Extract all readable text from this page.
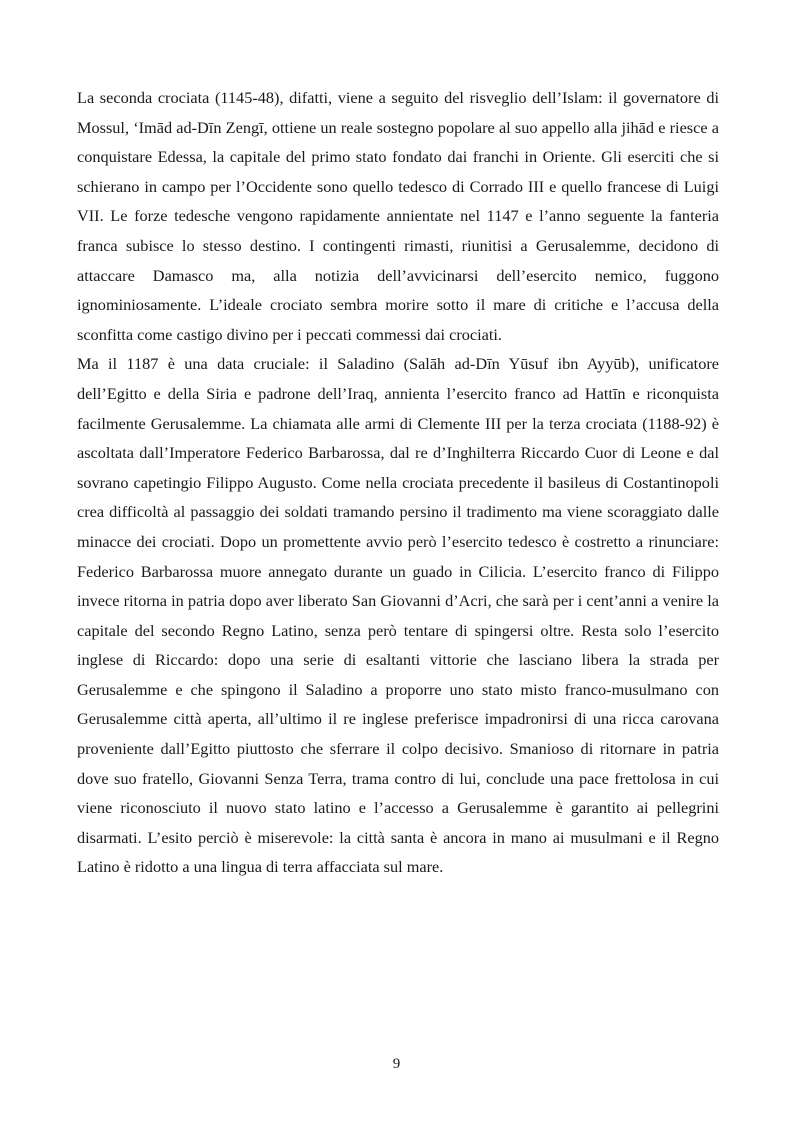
La seconda crociata (1145-48), difatti, viene a seguito del risveglio dell’Islam: il governatore di Mossul, ‘Imād ad-Dīn Zengī, ottiene un reale sostegno popolare al suo appello alla jihād e riesce a conquistare Edessa, la capitale del primo stato fondato dai franchi in Oriente. Gli eserciti che si schierano in campo per l’Occidente sono quello tedesco di Corrado III e quello francese di Luigi VII. Le forze tedesche vengono rapidamente annientate nel 1147 e l’anno seguente la fanteria franca subisce lo stesso destino. I contingenti rimasti, riunitisi a Gerusalemme, decidono di attaccare Damasco ma, alla notizia dell’avvicinarsi dell’esercito nemico, fuggono ignominiosamente. L’ideale crociato sembra morire sotto il mare di critiche e l’accusa della sconfitta come castigo divino per i peccati commessi dai crociati.

Ma il 1187 è una data cruciale: il Saladino (Salāh ad-Dīn Yūsuf ibn Ayyūb), unificatore dell’Egitto e della Siria e padrone dell’Iraq, annienta l’esercito franco ad Hattīn e riconquista facilmente Gerusalemme. La chiamata alle armi di Clemente III per la terza crociata (1188-92) è ascoltata dall’Imperatore Federico Barbarossa, dal re d’Inghilterra Riccardo Cuor di Leone e dal sovrano capetingio Filippo Augusto. Come nella crociata precedente il basileus di Costantinopoli crea difficoltà al passaggio dei soldati tramando persino il tradimento ma viene scoraggiato dalle minacce dei crociati. Dopo un promettente avvio però l’esercito tedesco è costretto a rinunciare: Federico Barbarossa muore annegato durante un guado in Cilicia. L’esercito franco di Filippo invece ritorna in patria dopo aver liberato San Giovanni d’Acri, che sarà per i cent’anni a venire la capitale del secondo Regno Latino, senza però tentare di spingersi oltre. Resta solo l’esercito inglese di Riccardo: dopo una serie di esaltanti vittorie che lasciano libera la strada per Gerusalemme e che spingono il Saladino a proporre uno stato misto franco-musulmano con Gerusalemme città aperta, all’ultimo il re inglese preferisce impadronirsi di una ricca carovana proveniente dall’Egitto piuttosto che sferrare il colpo decisivo. Smanioso di ritornare in patria dove suo fratello, Giovanni Senza Terra, trama contro di lui, conclude una pace frettolosa in cui viene riconosciuto il nuovo stato latino e l’accesso a Gerusalemme è garantito ai pellegrini disarmati. L’esito perciò è miserevole: la città santa è ancora in mano ai musulmani e il Regno Latino è ridotto a una lingua di terra affacciata sul mare.

9
